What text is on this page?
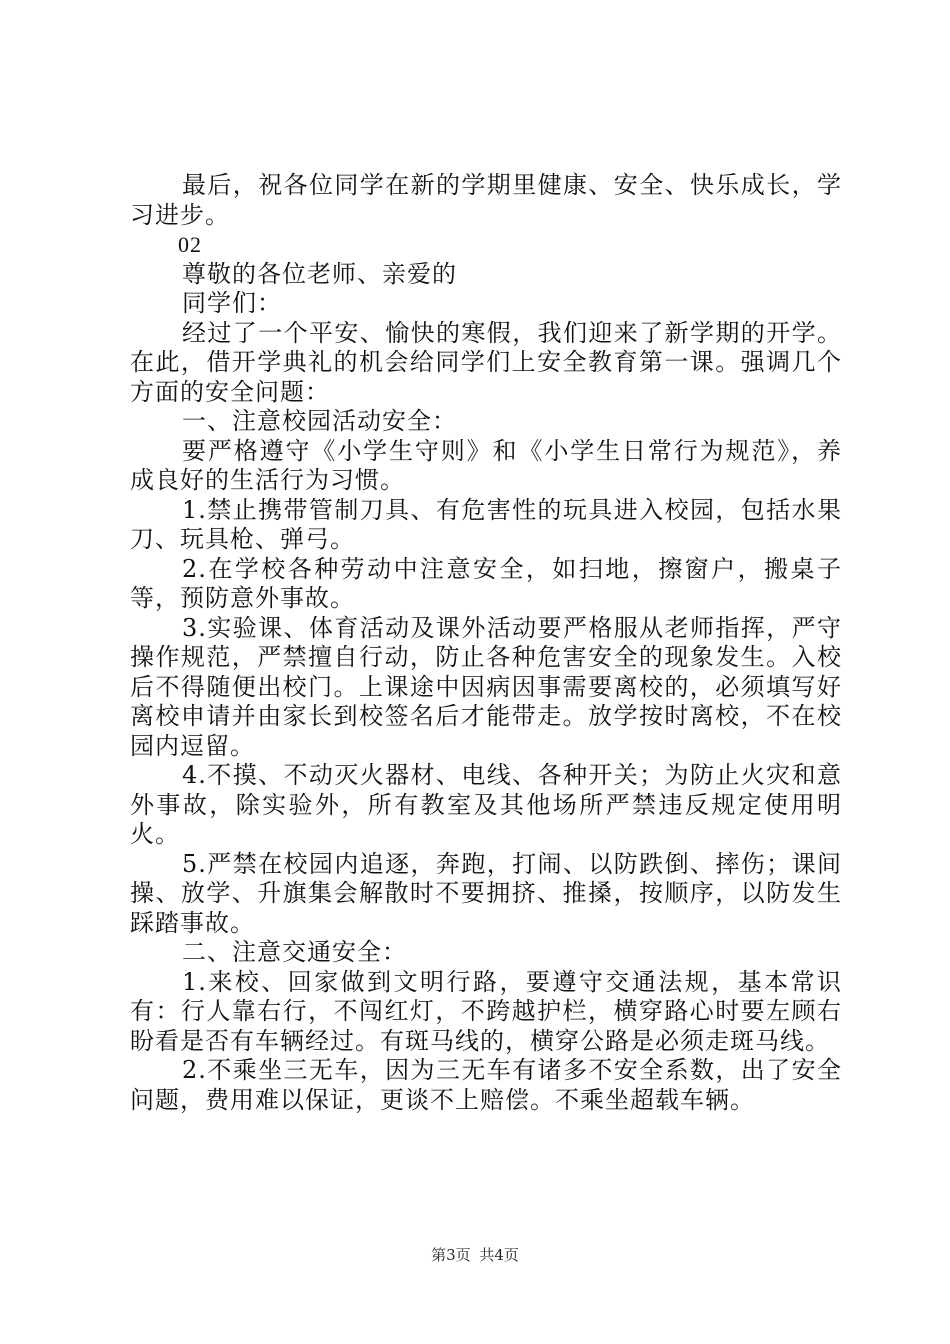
最后，祝各位同学在新的学期里健康、安全、快乐成长，学习进步。

02

尊敬的各位老师、亲爱的

同学们：

经过了一个平安、愉快的寒假，我们迎来了新学期的开学。在此，借开学典礼的机会给同学们上安全教育第一课。强调几个方面的安全问题：

一、注意校园活动安全：

要严格遵守《小学生守则》和《小学生日常行为规范》，养成良好的生活行为习惯。

1.禁止携带管制刀具、有危害性的玩具进入校园，包括水果刀、玩具枪、弹弓。

2.在学校各种劳动中注意安全，如扫地，擦窗户，搬桌子等，预防意外事故。

3.实验课、体育活动及课外活动要严格服从老师指挥，严守操作规范，严禁擅自行动，防止各种危害安全的现象发生。入校后不得随便出校门。上课途中因病因事需要离校的，必须填写好离校申请并由家长到校签名后才能带走。放学按时离校，不在校园内逗留。

4.不摸、不动灭火器材、电线、各种开关；为防止火灾和意外事故，除实验外，所有教室及其他场所严禁违反规定使用明火。

5.严禁在校园内追逐，奔跑，打闹、以防跌倒、摔伤；课间操、放学、升旗集会解散时不要拥挤、推搡，按顺序，以防发生踩踏事故。

二、注意交通安全：

1.来校、回家做到文明行路，要遵守交通法规，基本常识有：行人靠右行，不闯红灯，不跨越护栏，横穿路心时要左顾右盼看是否有车辆经过。有斑马线的，横穿公路是必须走斑马线。

2.不乘坐三无车，因为三无车有诸多不安全系数，出了安全问题，费用难以保证，更谈不上赔偿。不乘坐超载车辆。

第3页 共4页
